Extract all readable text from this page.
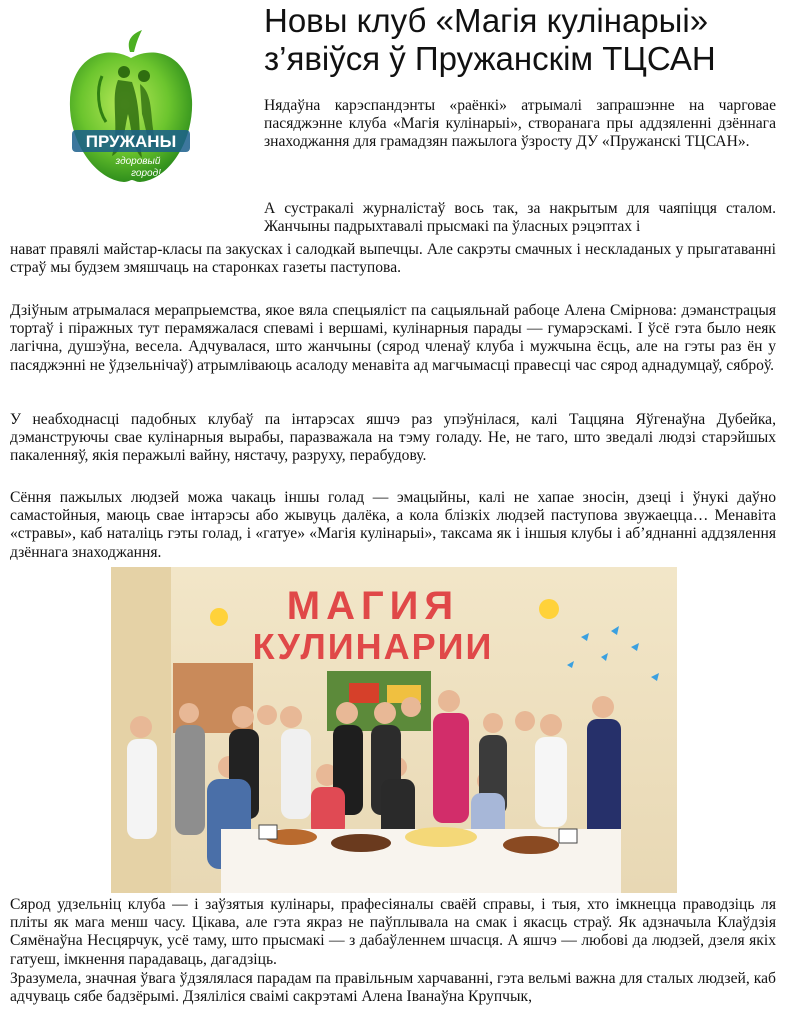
ПРУЖАНЫ
здоровый
город!
Новы клуб «Магія кулінарыі»
з’явіўся ў Пружанскім ТЦСАН

Нядаўна карэспандэнты «раёнкі» атрымалі запрашэнне на чарговае пасяджэнне клуба «Магія кулінарыі», створанага пры аддзяленні дзённага знаходжання для грамадзян пажылога ўзросту ДУ «Пружанскі ТЦСАН».

А сустракалі журналістаў вось так, за накрытым для чаяпіцця сталом. Жанчыны падрыхтавалі прысмакі па ўласных рэцэптах і

нават правялі майстар-класы па закусках і салодкай выпечцы. Але сакрэты смачных і нескладаных у прыгатаванні страў мы будзем змяшчаць на старонках газеты паступова.

Дзіўным атрымалася мерапрыемства, якое вяла спецыяліст па сацыяльнай рабоце Алена Смірнова: дэманстрацыя тортаў і піражных тут перамяжалася спевамі і вершамі, кулінарныя парады — гумарэскамі. І ўсё гэта было неяк лагічна, душэўна, весела. Адчувалася, што жанчыны (сярод членаў клуба і мужчына ёсць, але на гэты раз ён у пасяджэнні не ўдзельнічаў) атрымліваюць асалоду менавіта ад магчымасці правесці час сярод аднадумцаў, сяброў.

У неабходнасці падобных клубаў па інтарэсах яшчэ раз упэўнілася, калі Таццяна Яўгенаўна Дубейка, дэманструючы свае кулінарныя вырабы, паразважала на тэму голаду. Не, не таго, што зведалі людзі старэйшых пакаленняў, якія перажылі вайну, нястачу, разруху, перабудову.

Сёння пажылых людзей можа чакаць іншы голад — эмацыйны, калі не хапае зносін, дзеці і ўнукі даўно самастойныя, маюць свае інтарэсы або жывуць далёка, а кола блізкіх людзей паступова звужаецца… Менавіта «стравы», каб наталіць гэты голад, і «гатуе» «Магія кулінарыі», таксама як і іншыя клубы і аб’яднанні аддзялення дзённага знаходжання.

МАГИЯ
КУЛИНАРИИ

Сярод удзельніц клуба — і заўзятыя кулінары, прафесіяналы сваёй справы, і тыя, хто імкнецца праводзіць ля пліты як мага менш часу. Цікава, але гэта якраз не паўплывала на смак і якасць страў. Як адзначыла Клаўдзія Сямёнаўна Несцярчук, усё таму, што прысмакі — з дабаўленнем шчасця. А яшчэ — любові да людзей, дзеля якіх гатуеш, імкнення парадаваць, дагадзіць.

Зразумела, значная ўвага ўдзялялася парадам па правільным харчаванні, гэта вельмі важна для сталых людзей, каб адчуваць сябе бадзёрымі. Дзяліліся сваімі сакрэтамі Алена Іванаўна Крупчык,
